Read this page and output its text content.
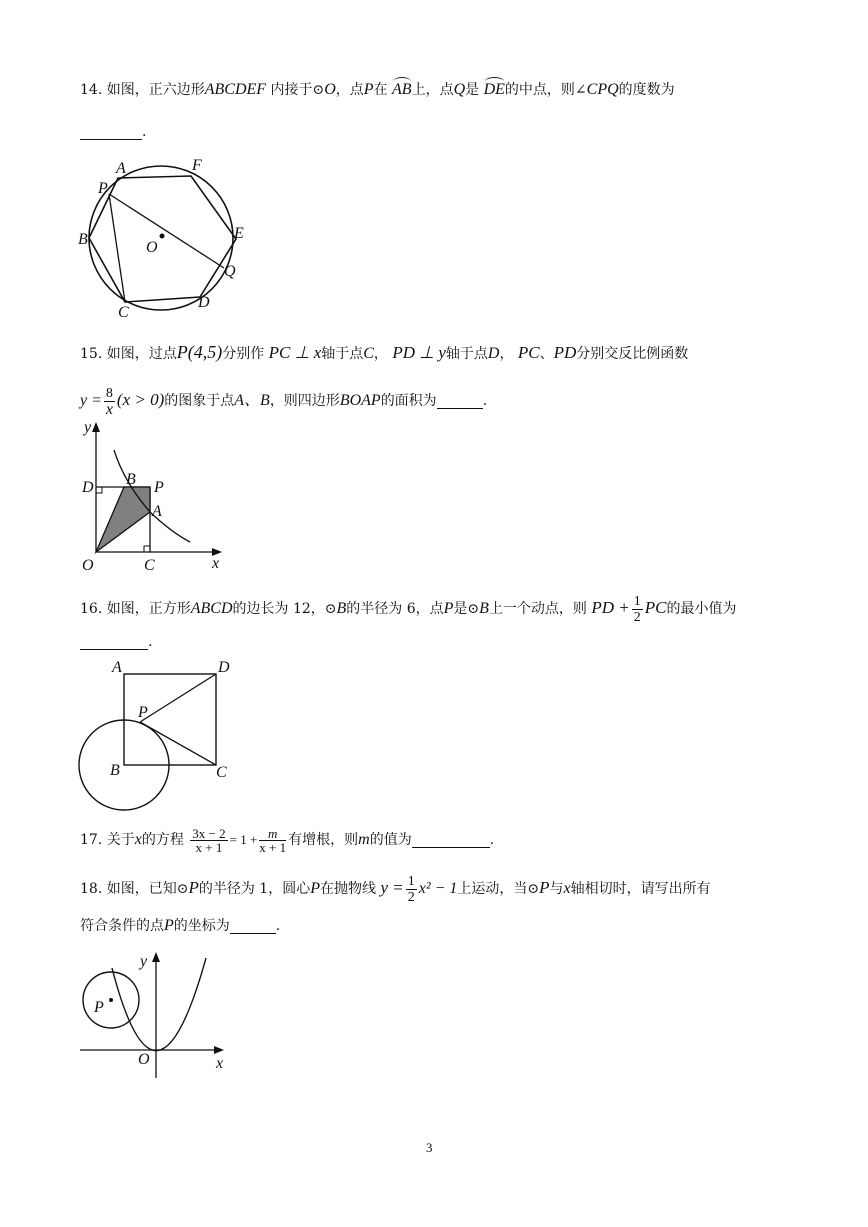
14. 如图，正六边形ABCDEF 内接于⊙O，点P在 AB上，点Q是 DE的中点，则∠CPQ的度数为
.
A	F
P
B	O
E
Q
C
D
15. 如图，过点P(4,5)分别作 PC ⊥ x轴于点C， PD ⊥ y轴于点D， PC、PD分别交反比例函数
$y = \frac{8}{x} (x > 0)$的图象于点A、B，则四边形BOAP的面积为	.
y
D B P
A
O	C	x
16. 如图，正方形ABCD的边长为 12，⊙B的半径为 6，点P是⊙B上一个动点，则 PD + $\frac{1}{2}$ PC的最小值为
.
A	D
P
B	C
17. 关于x的方程 $\frac{3x - 2}{x + 1} = 1 + \frac{m}{x + 1}$ 有增根，则m的值为	.
18. 如图，已知⊙P的半径为 1，圆心P在抛物线 $y = \frac{1}{2} x^2 - 1$上运动，当⊙P与x轴相切时，请写出所有
符合条件的点P的坐标为	.
y
P
O	x
3
